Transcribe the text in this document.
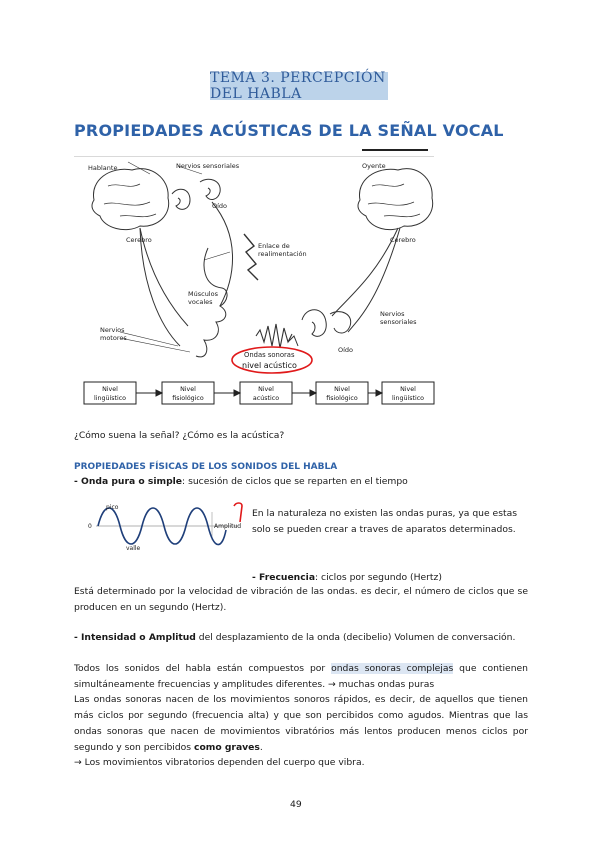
TEMA 3. PERCEPCIÓN DEL HABLA
PROPIEDADES ACÚSTICAS DE LA SEÑAL VOCAL
Hablante	Nervios sensoriales
Oído
Cerebro
Enlace de
realimentación
Músculos
vocales
Nervios
motores
Oyente
Cerebro
Nervios
sensoriales
Oído
Ondas sonoras
nivel acústico
Nivel
lingüístico
Nivel
fisiológico
Nivel
acústico
Nivel
fisiológico
Nivel
lingüístico
¿Cómo suena la señal? ¿Cómo es la acústica?
PROPIEDADES FÍSICAS DE LOS SONIDOS DEL HABLA
- Onda pura o simple: sucesión de ciclos que se reparten en el tiempo
pico
valle
Amplitud
0
En la naturaleza no existen las ondas puras, ya que estas solo se pueden crear a traves de aparatos determinados.
- Frecuencia: ciclos por segundo (Hertz)
Está determinado por la velocidad de vibración de las ondas. es decir, el número de ciclos que se producen en un segundo (Hertz).
- Intensidad o Amplitud del desplazamiento de la onda (decibelio) Volumen de conversación.
Todos los sonidos del habla están compuestos por ondas sonoras complejas que contienen simultáneamente frecuencias y amplitudes diferentes. → muchas ondas puras
Las ondas sonoras nacen de los movimientos sonoros rápidos, es decir, de aquellos que tienen más ciclos por segundo (frecuencia alta) y que son percibidos como agudos. Mientras que las ondas sonoras que nacen de movimientos vibratórios más lentos producen menos ciclos por segundo y son percibidos como graves.
→ Los movimientos vibratorios dependen del cuerpo que vibra.
49
